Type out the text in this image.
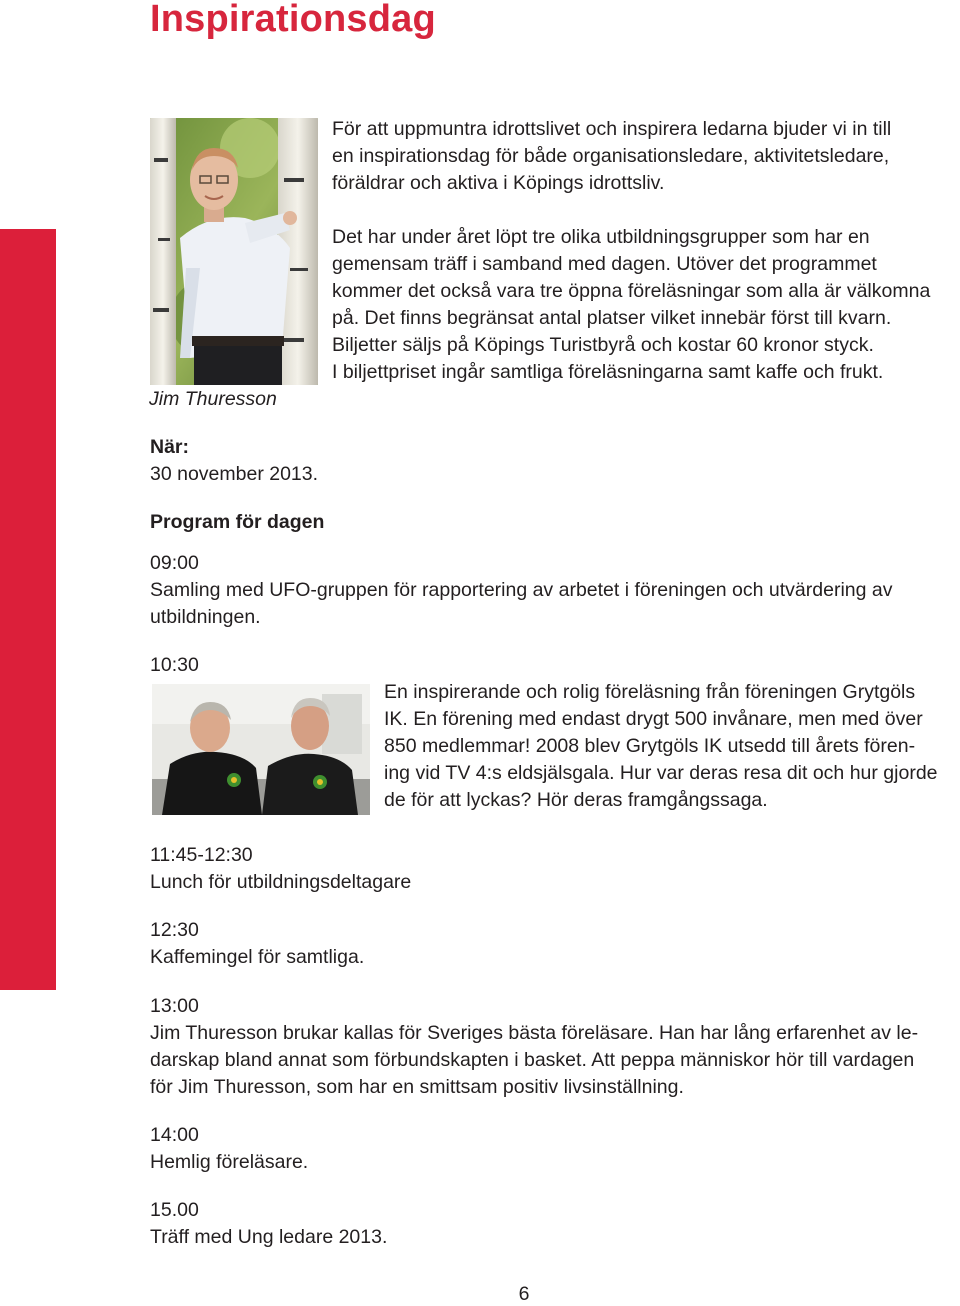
Inspirationsdag
Jim Thuresson
För att uppmuntra idrottslivet och inspirera ledarna bjuder vi in till
en inspirationsdag för både organisationsledare, aktivitetsledare,
föräldrar och aktiva i Köpings idrottsliv.
Det har under året löpt tre olika utbildningsgrupper som har en
gemensam träff i samband med dagen. Utöver det programmet
kommer det också vara tre öppna föreläsningar som alla är välkomna
på. Det finns begränsat antal platser vilket innebär först till kvarn.
Biljetter säljs på Köpings Turistbyrå och kostar 60 kronor styck.
I biljettpriset ingår samtliga föreläsningarna samt kaffe och frukt.
När:
30 november 2013.
Program för dagen
09:00
Samling med UFO-gruppen för rapportering av arbetet i föreningen och utvärdering av
utbildningen.
10:30
En inspirerande och rolig föreläsning från föreningen Grytgöls
IK. En förening med endast drygt 500 invånare, men med över
850 medlemmar! 2008 blev Grytgöls IK utsedd till årets fören-
ing vid TV 4:s eldsjälsgala. Hur var deras resa dit och hur gjorde
de för att lyckas? Hör deras framgångssaga.
11:45-12:30
Lunch för utbildningsdeltagare
12:30
Kaffemingel för samtliga.
13:00
Jim Thuresson brukar kallas för Sveriges bästa föreläsare. Han har lång erfarenhet av le-
darskap bland annat som förbundskapten i basket. Att peppa människor hör till vardagen
för Jim Thuresson, som har en smittsam positiv livsinställning.
14:00
Hemlig föreläsare.
15.00
Träff med Ung ledare 2013.
6
